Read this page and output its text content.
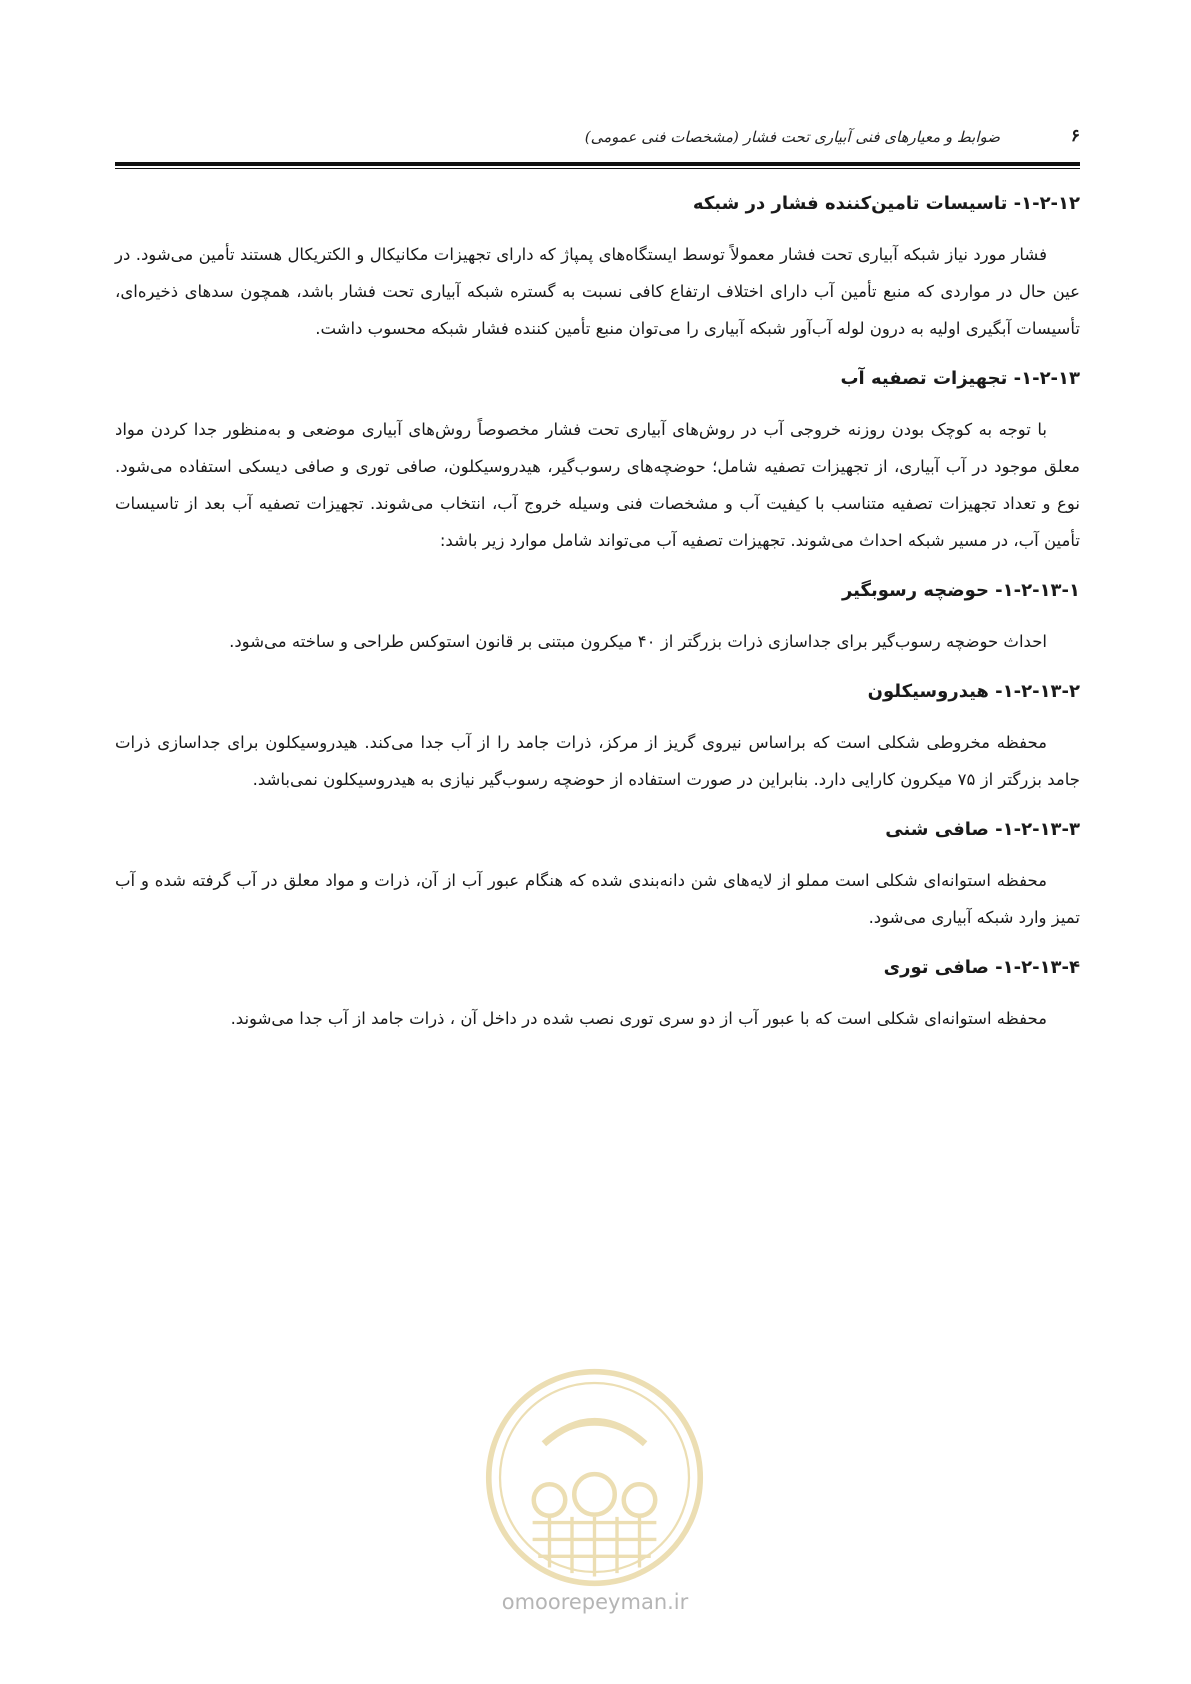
۶
ضوابط و معیارهای فنی آبیاری تحت فشار (مشخصات فنی عمومی)
۱-۲-۱۲- تاسیسات تامین‌کننده فشار در شبکه

فشار مورد نیاز شبکه آبیاری تحت فشار معمولاً توسط ایستگاه‌های پمپاژ که دارای تجهیزات مکانیکال و الکتریکال هستند تأمین می‌شود. در عین حال در مواردی که منبع تأمین آب دارای اختلاف ارتفاع کافی نسبت به گستره شبکه آبیاری تحت فشار باشد، همچون سدهای ذخیره‌ای، تأسیسات آبگیری اولیه به درون لوله آب‌آور شبکه آبیاری را می‌توان منبع تأمین کننده فشار شبکه محسوب داشت.

۱-۲-۱۳- تجهیزات تصفیه آب

با توجه به کوچک بودن روزنه خروجی آب در روش‌های آبیاری تحت فشار مخصوصاً روش‌های آبیاری موضعی و به‌منظور جدا کردن مواد معلق موجود در آب آبیاری، از تجهیزات تصفیه شامل؛ حوضچه‌های رسوب‌گیر، هیدروسیکلون، صافی توری و صافی دیسکی استفاده می‌شود. نوع و تعداد تجهیزات تصفیه متناسب با کیفیت آب و مشخصات فنی وسیله خروج آب، انتخاب می‌شوند. تجهیزات تصفیه آب بعد از تاسیسات تأمین آب، در مسیر شبکه احداث می‌شوند. تجهیزات تصفیه آب می‌تواند شامل موارد زیر باشد:

۱-۲-۱۳-۱- حوضچه رسوبگیر

احداث حوضچه رسوب‌گیر برای جداسازی ذرات بزرگتر از ۴۰ میکرون مبتنی بر قانون استوکس طراحی و ساخته می‌شود.

۱-۲-۱۳-۲- هیدروسیکلون

محفظه مخروطی شکلی است که براساس نیروی گریز از مرکز، ذرات جامد را از آب جدا می‌کند. هیدروسیکلون برای جداسازی ذرات جامد بزرگتر از ۷۵ میکرون کارایی دارد. بنابراین در صورت استفاده از حوضچه رسوب‌گیر نیازی به هیدروسیکلون نمی‌باشد.

۱-۲-۱۳-۳- صافی شنی

محفظه استوانه‌ای شکلی است مملو از لایه‌های شن دانه‌بندی شده که هنگام عبور آب از آن، ذرات و مواد معلق در آب گرفته شده و آب تمیز وارد شبکه آبیاری می‌شود.

۱-۲-۱۳-۴- صافی توری

محفظه استوانه‌ای شکلی است که با عبور آب از دو سری توری نصب شده در داخل آن ، ذرات جامد از آب جدا می‌شوند.

omoorepeyman.ir
